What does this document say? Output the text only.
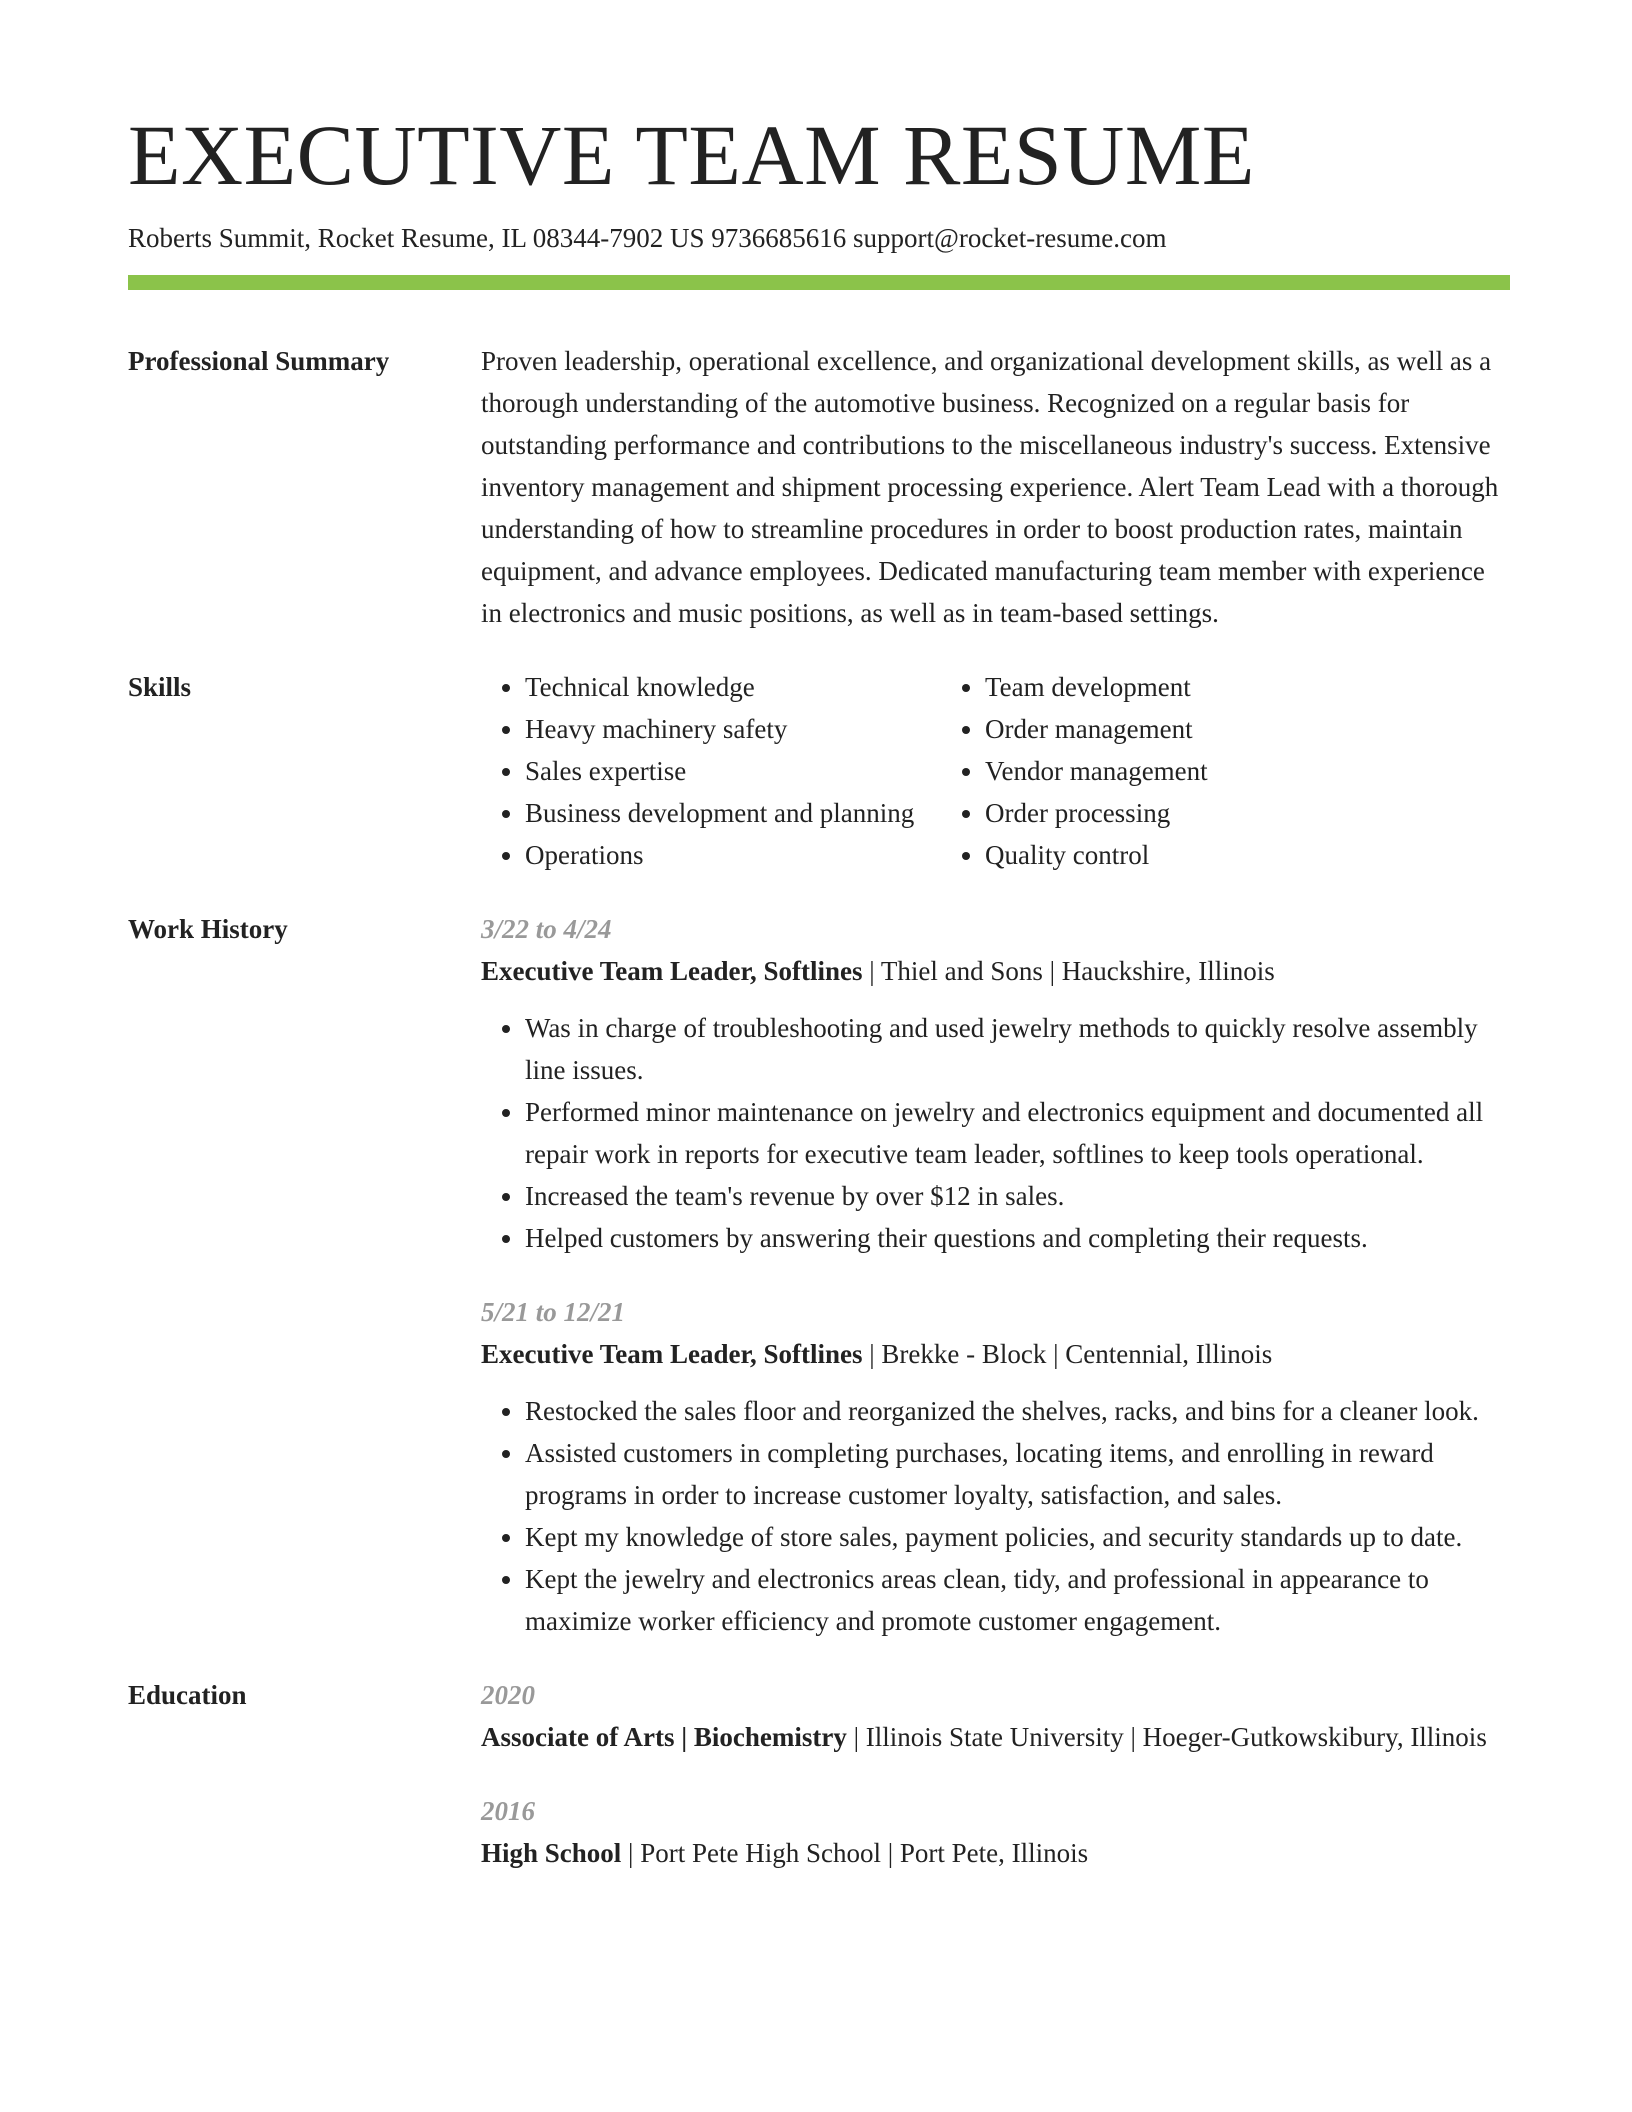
EXECUTIVE TEAM RESUME
Roberts Summit, Rocket Resume, IL 08344-7902 US 9736685616 support@rocket-resume.com
Professional Summary	Proven leadership, operational excellence, and organizational development skills, as well as a thorough understanding of the automotive business. Recognized on a regular basis for outstanding performance and contributions to the miscellaneous industry's success. Extensive inventory management and shipment processing experience. Alert Team Lead with a thorough understanding of how to streamline procedures in order to boost production rates, maintain equipment, and advance employees. Dedicated manufacturing team member with experience in electronics and music positions, as well as in team-based settings.
Skills
•	Technical knowledge
• Heavy machinery safety
• Sales expertise
• Business development and planning
• Operations
• Team development
• Order management
• Vendor management
• Order processing
• Quality control
Work History	3/22 to 4/24
Executive Team Leader, Softlines | Thiel and Sons | Hauckshire, Illinois
• Was in charge of troubleshooting and used jewelry methods to quickly resolve assembly line issues.
• Performed minor maintenance on jewelry and electronics equipment and documented all repair work in reports for executive team leader, softlines to keep tools operational.
• Increased the team's revenue by over $12 in sales.
• Helped customers by answering their questions and completing their requests.
5/21 to 12/21
Executive Team Leader, Softlines | Brekke - Block | Centennial, Illinois
• Restocked the sales floor and reorganized the shelves, racks, and bins for a cleaner look.
• Assisted customers in completing purchases, locating items, and enrolling in reward programs in order to increase customer loyalty, satisfaction, and sales.
• Kept my knowledge of store sales, payment policies, and security standards up to date.
• Kept the jewelry and electronics areas clean, tidy, and professional in appearance to maximize worker efficiency and promote customer engagement.
Education	2020
Associate of Arts | Biochemistry | Illinois State University | Hoeger-Gutkowskibury, Illinois
2016
High School | Port Pete High School | Port Pete, Illinois
